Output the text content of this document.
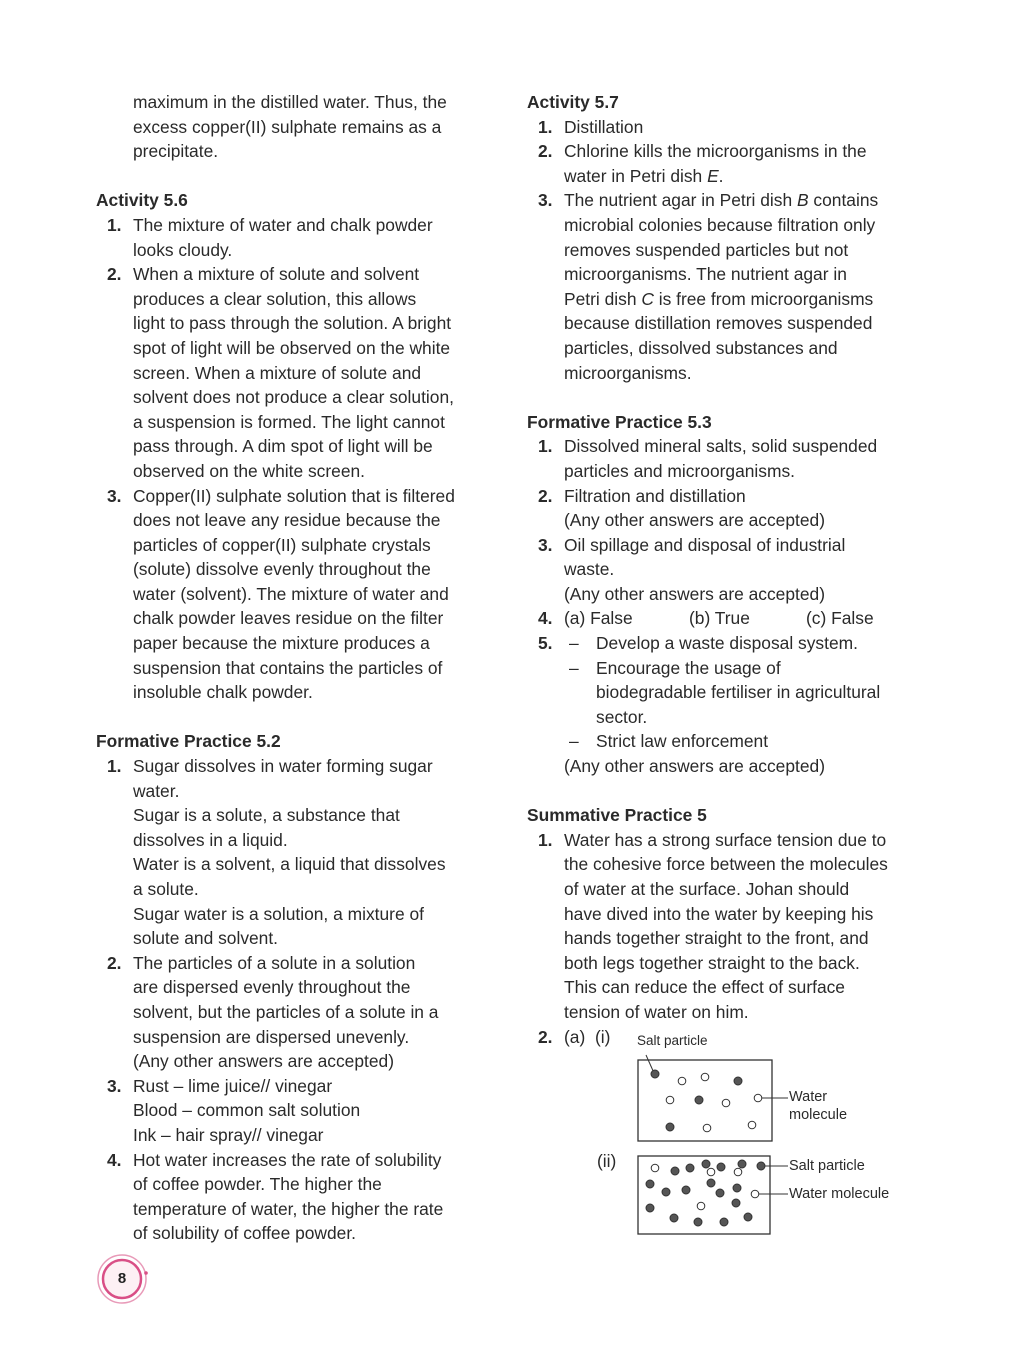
maximum in the distilled water. Thus, the

excess copper(II) sulphate remains as a

precipitate.

Activity 5.6

1. The mixture of water and chalk powder
looks cloudy.
2. When a mixture of solute and solvent
produces a clear solution, this allows
light to pass through the solution. A bright
spot of light will be observed on the white
screen. When a mixture of solute and
solvent does not produce a clear solution,
a suspension is formed. The light cannot
pass through. A dim spot of light will be
observed on the white screen.
3. Copper(II) sulphate solution that is filtered
does not leave any residue because the
particles of copper(II) sulphate crystals
(solute) dissolve evenly throughout the
water (solvent). The mixture of water and
chalk powder leaves residue on the filter
paper because the mixture produces a
suspension that contains the particles of
insoluble chalk powder.

Formative Practice 5.2

1. Sugar dissolves in water forming sugar
water.
Sugar is a solute, a substance that
dissolves in a liquid.
Water is a solvent, a liquid that dissolves
a solute.
Sugar water is a solution, a mixture of
solute and solvent.
2. The particles of a solute in a solution
are dispersed evenly throughout the
solvent, but the particles of a solute in a
suspension are dispersed unevenly.
(Any other answers are accepted)
3. Rust – lime juice// vinegar
Blood – common salt solution
Ink – hair spray// vinegar
4. Hot water increases the rate of solubility
of coffee powder. The higher the
temperature of water, the higher the rate
of solubility of coffee powder.

Activity 5.7

1. Distillation
2. Chlorine kills the microorganisms in the
water in Petri dish E.
3. The nutrient agar in Petri dish B contains
microbial colonies because filtration only
removes suspended particles but not
microorganisms. The nutrient agar in
Petri dish C is free from microorganisms
because distillation removes suspended
particles, dissolved substances and
microorganisms.

Formative Practice 5.3

1. Dissolved mineral salts, solid suspended
particles and microorganisms.
2. Filtration and distillation
(Any other answers are accepted)
3. Oil spillage and disposal of industrial
waste.
(Any other answers are accepted)
4. (a) False	(b) True	(c) False
5. – Develop a waste disposal system.
– Encourage the usage of
biodegradable fertiliser in agricultural
sector.
– Strict law enforcement
(Any other answers are accepted)

Summative Practice 5

1. Water has a strong surface tension due to
the cohesive force between the molecules
of water at the surface. Johan should
have dived into the water by keeping his
hands together straight to the front, and
both legs together straight to the back.
This can reduce the effect of surface
tension of water on him.
2. (a) (i)
(ii)
Salt particle
Water
molecule
Salt particle
Water molecule
8
